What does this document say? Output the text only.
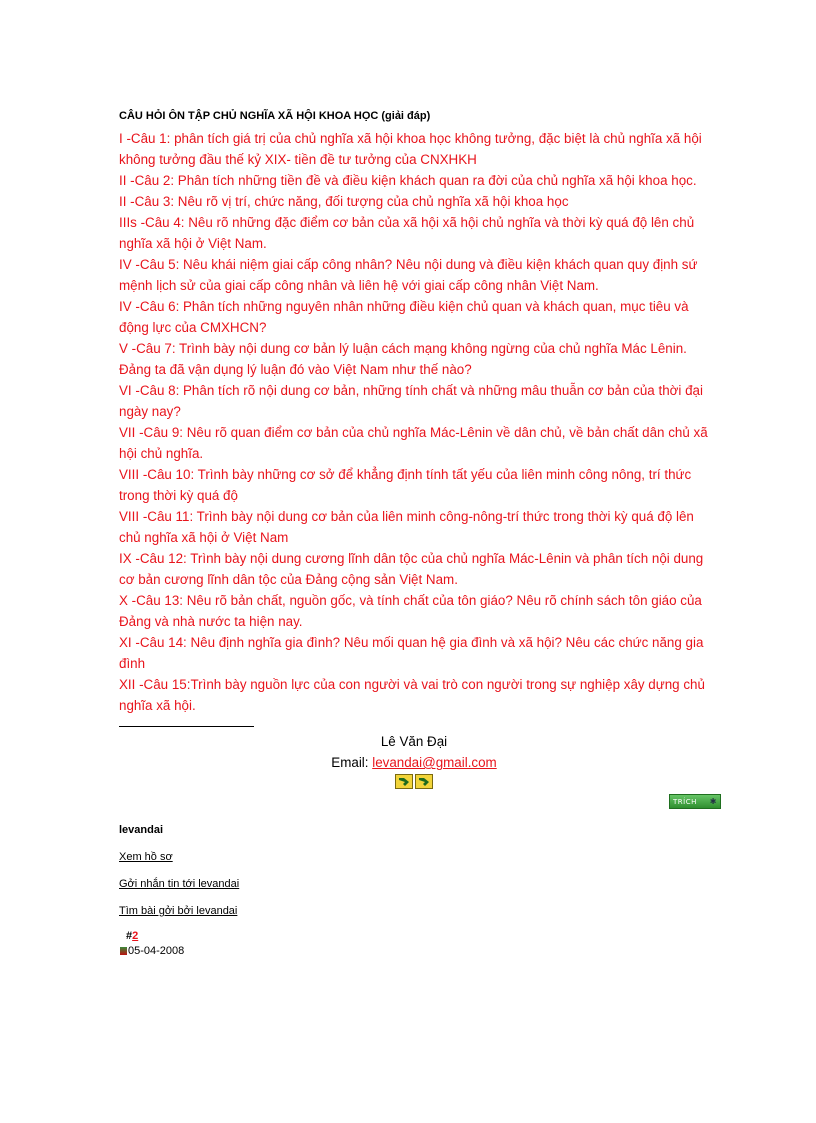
CÂU HỎI ÔN TẬP CHỦ NGHĨA XÃ HỘI KHOA HỌC (giải đáp)

I -Câu 1: phân tích giá trị của chủ nghĩa xã hội khoa học không tưởng, đặc biệt là chủ nghĩa xã hội không tưởng đầu thế kỷ XIX- tiền đề tư tưởng của CNXHKH

II -Câu 2: Phân tích những tiền đề và điều kiện khách quan ra đời của chủ nghĩa xã hội khoa học.

II -Câu 3: Nêu rõ vị trí, chức năng, đối tượng của chủ nghĩa xã hội khoa học

IIIs -Câu 4: Nêu rõ những đặc điểm cơ bản của xã hội xã hội chủ nghĩa và thời kỳ quá độ lên chủ nghĩa xã hội ở Việt Nam.

IV -Câu 5: Nêu khái niệm giai cấp công nhân? Nêu nội dung và điều kiện khách quan quy định sứ mệnh lịch sử của giai cấp công nhân và liên hệ với giai cấp công nhân Việt Nam.

IV -Câu 6: Phân tích những nguyên nhân những điều kiện chủ quan và khách quan, mục tiêu và động lực của CMXHCN?

V -Câu 7: Trình bày nội dung cơ bản lý luận cách mạng không ngừng của chủ nghĩa Mác Lênin. Đảng ta đã vận dụng lý luận đó vào Việt Nam như thế nào?

VI -Câu 8: Phân tích rõ nội dung cơ bản, những tính chất và những mâu thuẫn cơ bản của thời đại ngày nay?

VII -Câu 9: Nêu rõ quan điểm cơ bản của chủ nghĩa Mác-Lênin về dân chủ, về bản chất dân chủ xã hội chủ nghĩa.

VIII -Câu 10: Trình bày những cơ sở để khẳng định tính tất yếu của liên minh công nông, trí thức trong thời kỳ quá độ

VIII -Câu 11: Trình bày nội dung cơ bản của liên minh công-nông-trí thức trong thời kỳ quá độ lên chủ nghĩa xã hội ở Việt Nam

IX -Câu 12: Trình bày nội dung cương lĩnh dân tộc của chủ nghĩa Mác-Lênin và phân tích nội dung cơ bản cương lĩnh dân tộc của Đảng cộng sản Việt Nam.

X -Câu 13: Nêu rõ bản chất, nguồn gốc, và tính chất của tôn giáo? Nêu rõ chính sách tôn giáo của Đảng và nhà nước ta hiện nay.

XI -Câu 14: Nêu định nghĩa gia đình? Nêu mối quan hệ gia đình và xã hội? Nêu các chức năng gia đình

XII -Câu 15:Trình bày nguồn lực của con người và vai trò con người trong sự nghiệp xây dựng chủ nghĩa xã hội.

Lê Văn Đại
Email: levandai@gmail.com
TRÍCH ✱
levandai
Xem hồ sơ
Gởi nhắn tin tới levandai
Tìm bài gởi bởi levandai
#2
05-04-2008
